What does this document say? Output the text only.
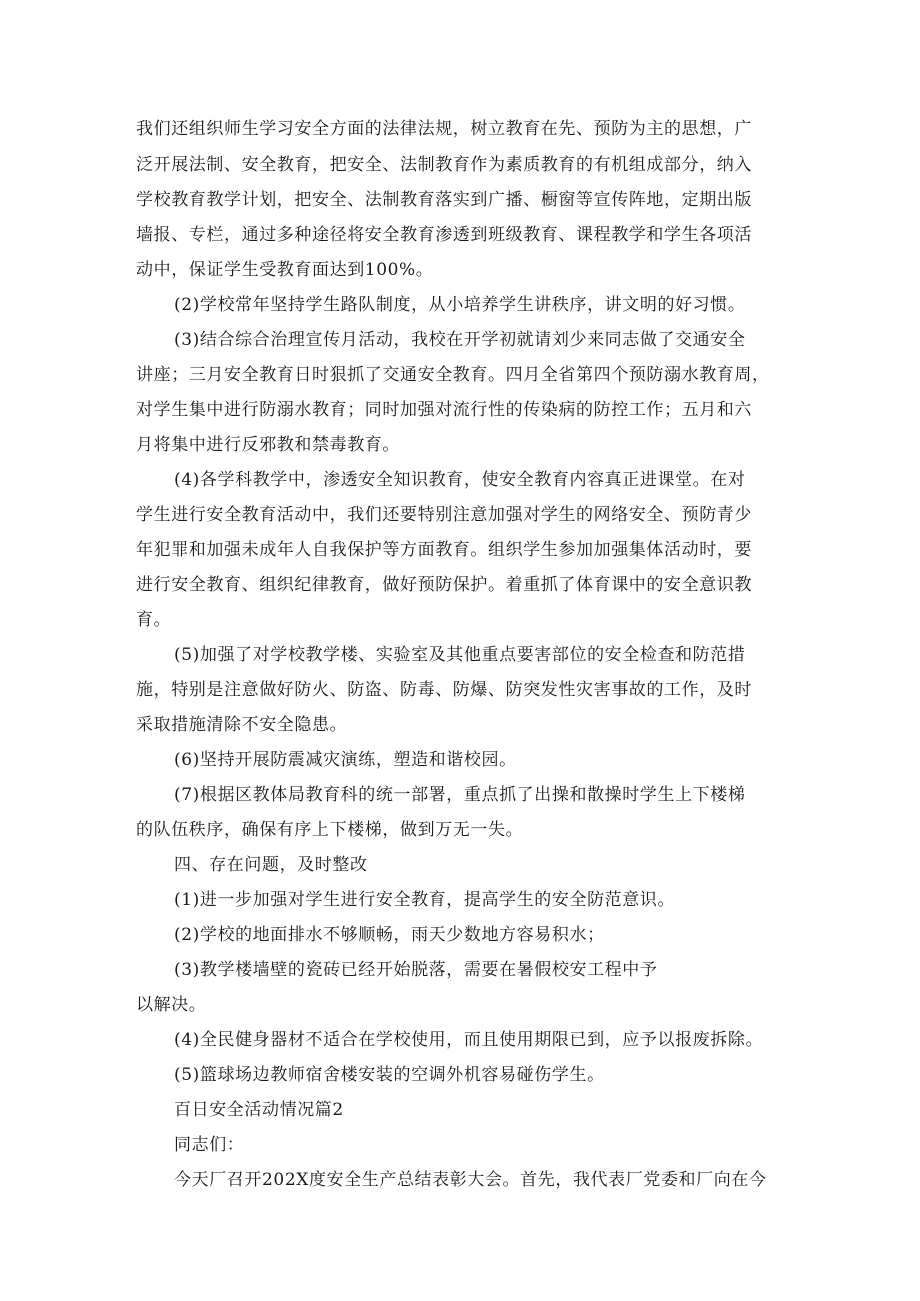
我们还组织师生学习安全方面的法律法规，树立教育在先、预防为主的思想，广
泛开展法制、安全教育，把安全、法制教育作为素质教育的有机组成部分，纳入
学校教育教学计划，把安全、法制教育落实到广播、橱窗等宣传阵地，定期出版
墙报、专栏，通过多种途径将安全教育渗透到班级教育、课程教学和学生各项活
动中，保证学生受教育面达到100%。
(2)学校常年坚持学生路队制度，从小培养学生讲秩序，讲文明的好习惯。
(3)结合综合治理宣传月活动，我校在开学初就请刘少来同志做了交通安全
讲座；三月安全教育日时狠抓了交通安全教育。四月全省第四个预防溺水教育周，
对学生集中进行防溺水教育；同时加强对流行性的传染病的防控工作；五月和六
月将集中进行反邪教和禁毒教育。
(4)各学科教学中，渗透安全知识教育，使安全教育内容真正进课堂。在对
学生进行安全教育活动中，我们还要特别注意加强对学生的网络安全、预防青少
年犯罪和加强未成年人自我保护等方面教育。组织学生参加加强集体活动时，要
进行安全教育、组织纪律教育，做好预防保护。着重抓了体育课中的安全意识教
育。
(5)加强了对学校教学楼、实验室及其他重点要害部位的安全检查和防范措
施，特别是注意做好防火、防盗、防毒、防爆、防突发性灾害事故的工作，及时
采取措施清除不安全隐患。
(6)坚持开展防震减灾演练，塑造和谐校园。
(7)根据区教体局教育科的统一部署，重点抓了出操和散操时学生上下楼梯
的队伍秩序，确保有序上下楼梯，做到万无一失。
四、存在问题，及时整改
(1)进一步加强对学生进行安全教育，提高学生的安全防范意识。
(2)学校的地面排水不够顺畅，雨天少数地方容易积水；
(3)教学楼墙壁的瓷砖已经开始脱落，需要在暑假校安工程中予
以解决。
(4)全民健身器材不适合在学校使用，而且使用期限已到，应予以报废拆除。
(5)篮球场边教师宿舍楼安装的空调外机容易碰伤学生。
百日安全活动情况篇2
同志们：
今天厂召开202X度安全生产总结表彰大会。首先，我代表厂党委和厂向在今
